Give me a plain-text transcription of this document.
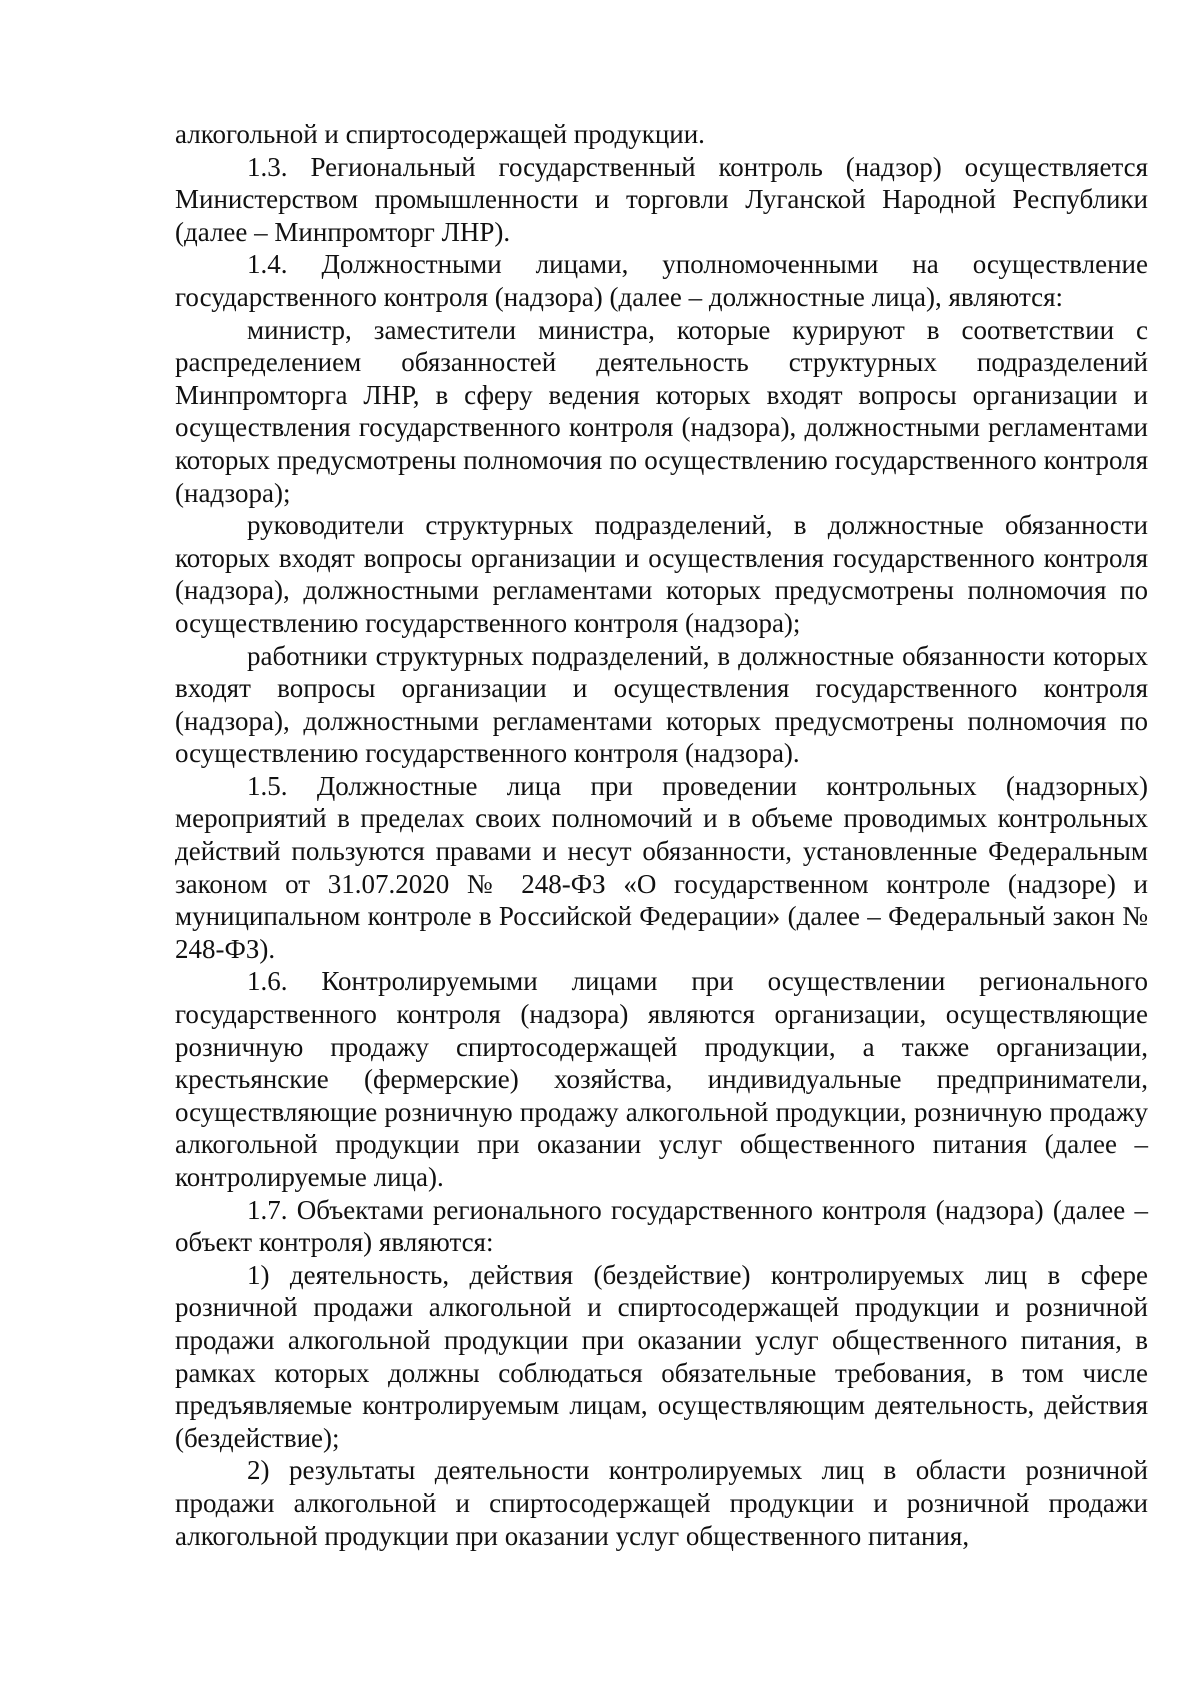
алкогольной и спиртосодержащей продукции.

1.3. Региональный государственный контроль (надзор) осуществляется Министерством промышленности и торговли Луганской Народной Республики (далее – Минпромторг ЛНР).

1.4. Должностными лицами, уполномоченными на осуществление государственного контроля (надзора) (далее – должностные лица), являются:

министр, заместители министра, которые курируют в соответствии с распределением обязанностей деятельность структурных подразделений Минпромторга ЛНР, в сферу ведения которых входят вопросы организации и осуществления государственного контроля (надзора), должностными регламентами которых предусмотрены полномочия по осуществлению государственного контроля (надзора);

руководители структурных подразделений, в должностные обязанности которых входят вопросы организации и осуществления государственного контроля (надзора), должностными регламентами которых предусмотрены полномочия по осуществлению государственного контроля (надзора);

работники структурных подразделений, в должностные обязанности которых входят вопросы организации и осуществления государственного контроля (надзора), должностными регламентами которых предусмотрены полномочия по осуществлению государственного контроля (надзора).

1.5. Должностные лица при проведении контрольных (надзорных) мероприятий в пределах своих полномочий и в объеме проводимых контрольных действий пользуются правами и несут обязанности, установленные Федеральным законом от 31.07.2020 № 248-ФЗ «О государственном контроле (надзоре) и муниципальном контроле в Российской Федерации» (далее – Федеральный закон № 248-ФЗ).

1.6. Контролируемыми лицами при осуществлении регионального государственного контроля (надзора) являются организации, осуществляющие розничную продажу спиртосодержащей продукции, а также организации, крестьянские (фермерские) хозяйства, индивидуальные предприниматели, осуществляющие розничную продажу алкогольной продукции, розничную продажу алкогольной продукции при оказании услуг общественного питания (далее – контролируемые лица).

1.7. Объектами регионального государственного контроля (надзора) (далее – объект контроля) являются:

1) деятельность, действия (бездействие) контролируемых лиц в сфере розничной продажи алкогольной и спиртосодержащей продукции и розничной продажи алкогольной продукции при оказании услуг общественного питания, в рамках которых должны соблюдаться обязательные требования, в том числе предъявляемые контролируемым лицам, осуществляющим деятельность, действия (бездействие);

2) результаты деятельности контролируемых лиц в области розничной продажи алкогольной и спиртосодержащей продукции и розничной продажи алкогольной продукции при оказании услуг общественного питания,
